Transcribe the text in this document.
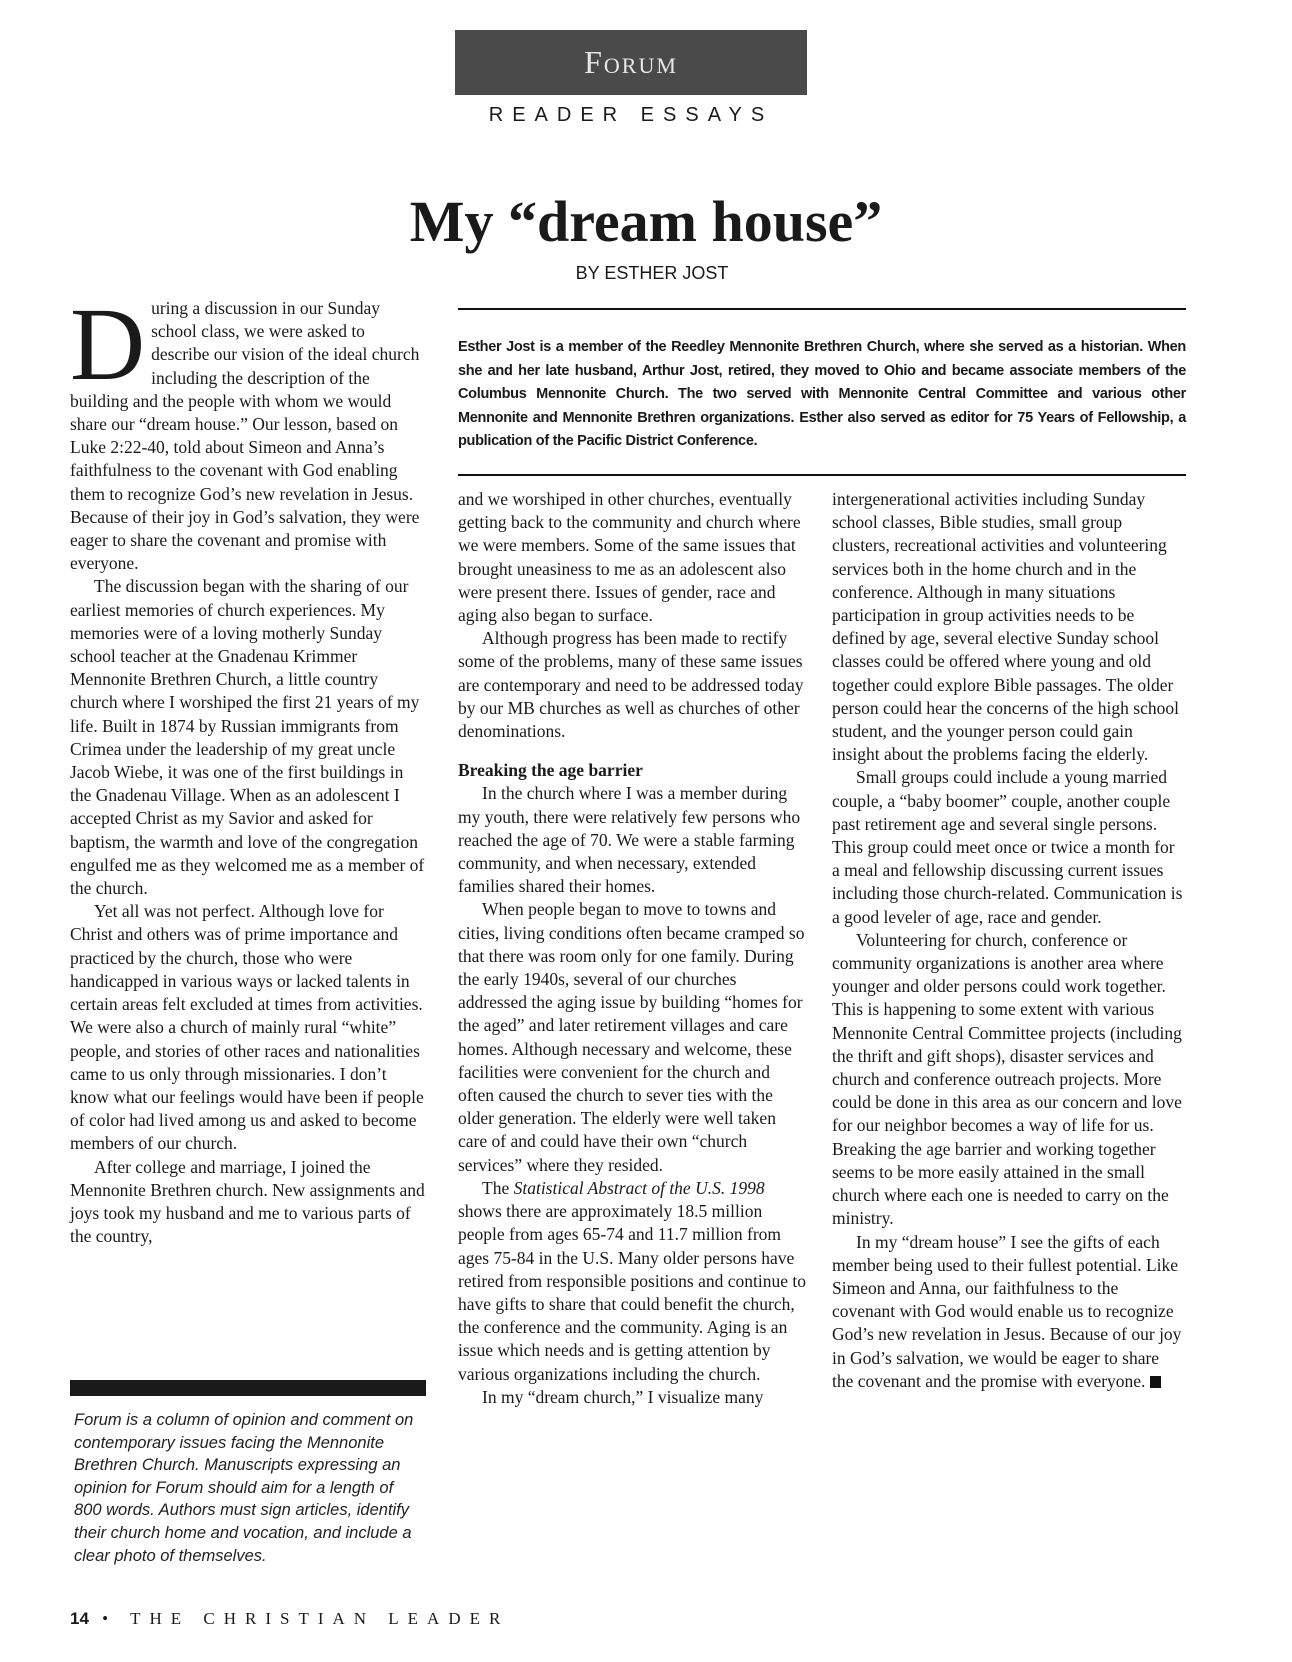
Forum
READER ESSAYS
My “dream house”
BY ESTHER JOST
Esther Jost is a member of the Reedley Mennonite Brethren Church, where she served as a historian. When she and her late husband, Arthur Jost, retired, they moved to Ohio and became associate members of the Columbus Mennonite Church. The two served with Mennonite Central Committee and various other Mennonite and Mennonite Brethren organizations. Esther also served as editor for 75 Years of Fellowship, a publication of the Pacific District Conference.

During a discussion in our Sunday school class, we were asked to describe our vision of the ideal church including the description of the building and the people with whom we would share our “dream house.” Our lesson, based on Luke 2:22-40, told about Simeon and Anna’s faithfulness to the covenant with God enabling them to recognize God’s new revelation in Jesus. Because of their joy in God’s salvation, they were eager to share the covenant and promise with everyone.

The discussion began with the sharing of our earliest memories of church experiences. My memories were of a loving motherly Sunday school teacher at the Gnadenau Krimmer Mennonite Brethren Church, a little country church where I worshiped the first 21 years of my life. Built in 1874 by Russian immigrants from Crimea under the leadership of my great uncle Jacob Wiebe, it was one of the first buildings in the Gnadenau Village. When as an adolescent I accepted Christ as my Savior and asked for baptism, the warmth and love of the congregation engulfed me as they welcomed me as a member of the church.

Yet all was not perfect. Although love for Christ and others was of prime importance and practiced by the church, those who were handicapped in various ways or lacked talents in certain areas felt excluded at times from activities. We were also a church of mainly rural “white” people, and stories of other races and nationalities came to us only through missionaries. I don’t know what our feelings would have been if people of color had lived among us and asked to become members of our church.

After college and marriage, I joined the Mennonite Brethren church. New assignments and joys took my husband and me to various parts of the country,

Forum is a column of opinion and comment on contemporary issues facing the Mennonite Brethren Church. Manuscripts expressing an opinion for Forum should aim for a length of 800 words. Authors must sign articles, identify their church home and vocation, and include a clear photo of themselves.

and we worshiped in other churches, eventually getting back to the community and church where we were members. Some of the same issues that brought uneasiness to me as an adolescent also were present there. Issues of gender, race and aging also began to surface.

Although progress has been made to rectify some of the problems, many of these same issues are contemporary and need to be addressed today by our MB churches as well as churches of other denominations.

Breaking the age barrier

In the church where I was a member during my youth, there were relatively few persons who reached the age of 70. We were a stable farming community, and when necessary, extended families shared their homes.

When people began to move to towns and cities, living conditions often became cramped so that there was room only for one family. During the early 1940s, several of our churches addressed the aging issue by building “homes for the aged” and later retirement villages and care homes. Although necessary and welcome, these facilities were convenient for the church and often caused the church to sever ties with the older generation. The elderly were well taken care of and could have their own “church services” where they resided.

The Statistical Abstract of the U.S. 1998 shows there are approximately 18.5 million people from ages 65-74 and 11.7 million from ages 75-84 in the U.S. Many older persons have retired from responsible positions and continue to have gifts to share that could benefit the church, the conference and the community. Aging is an issue which needs and is getting attention by various organizations including the church.

In my “dream church,” I visualize many

intergenerational activities including Sunday school classes, Bible studies, small group clusters, recreational activities and volunteering services both in the home church and in the conference. Although in many situations participation in group activities needs to be defined by age, several elective Sunday school classes could be offered where young and old together could explore Bible passages. The older person could hear the concerns of the high school student, and the younger person could gain insight about the problems facing the elderly.

Small groups could include a young married couple, a “baby boomer” couple, another couple past retirement age and several single persons. This group could meet once or twice a month for a meal and fellowship discussing current issues including those church-related. Communication is a good leveler of age, race and gender.

Volunteering for church, conference or community organizations is another area where younger and older persons could work together. This is happening to some extent with various Mennonite Central Committee projects (including the thrift and gift shops), disaster services and church and conference outreach projects. More could be done in this area as our concern and love for our neighbor becomes a way of life for us. Breaking the age barrier and working together seems to be more easily attained in the small church where each one is needed to carry on the ministry.

In my “dream house” I see the gifts of each member being used to their fullest potential. Like Simeon and Anna, our faithfulness to the covenant with God would enable us to recognize God’s new revelation in Jesus. Because of our joy in God’s salvation, we would be eager to share the covenant and the promise with everyone.

14 • THE CHRISTIAN LEADER
